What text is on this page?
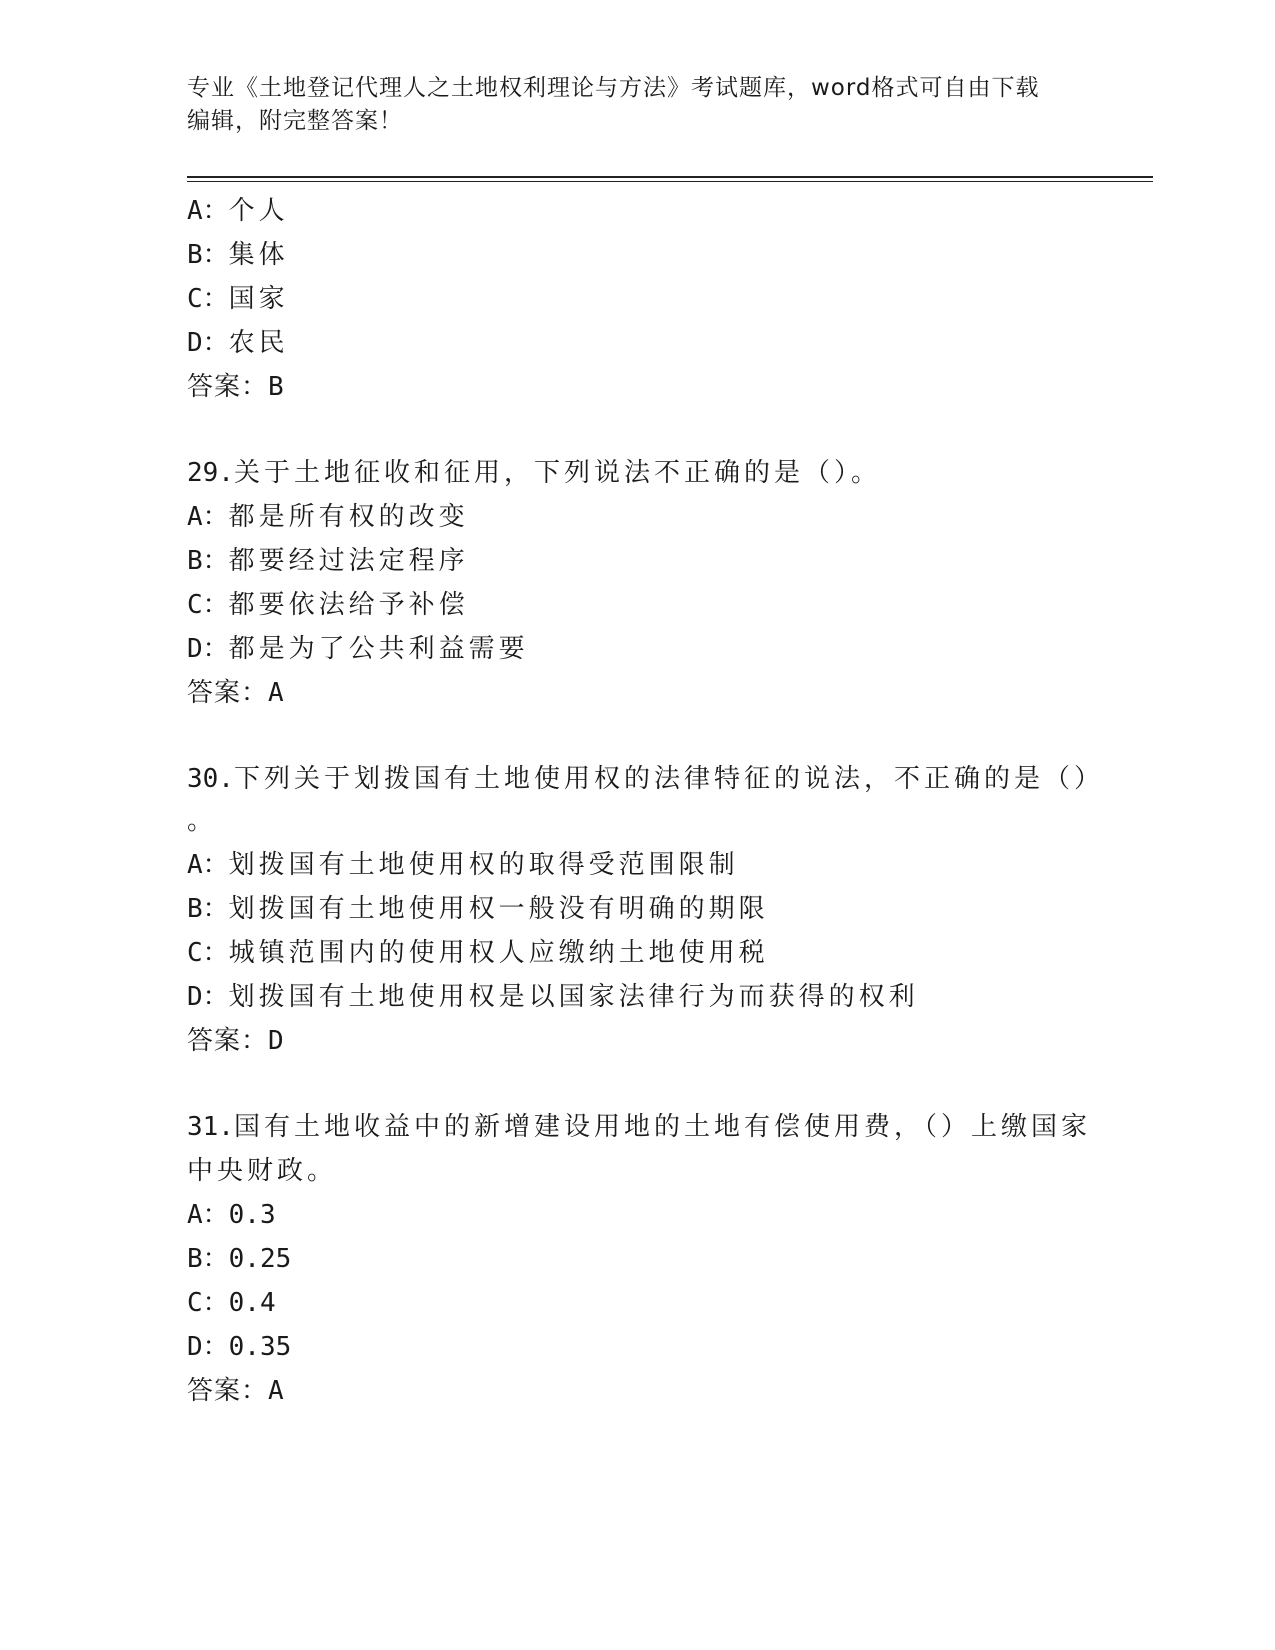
专业《土地登记代理人之土地权利理论与方法》考试题库，word格式可自由下载
编辑，附完整答案！
A：个人
B：集体
C：国家
D：农民
答案：B
29.关于土地征收和征用，下列说法不正确的是（）。
A：都是所有权的改变
B：都要经过法定程序
C：都要依法给予补偿
D：都是为了公共利益需要
答案：A
30.下列关于划拨国有土地使用权的法律特征的说法，不正确的是（）
。
A：划拨国有土地使用权的取得受范围限制
B：划拨国有土地使用权一般没有明确的期限
C：城镇范围内的使用权人应缴纳土地使用税
D：划拨国有土地使用权是以国家法律行为而获得的权利
答案：D
31.国有土地收益中的新增建设用地的土地有偿使用费，（）上缴国家
中央财政。
A：0.3
B：0.25
C：0.4
D：0.35
答案：A
